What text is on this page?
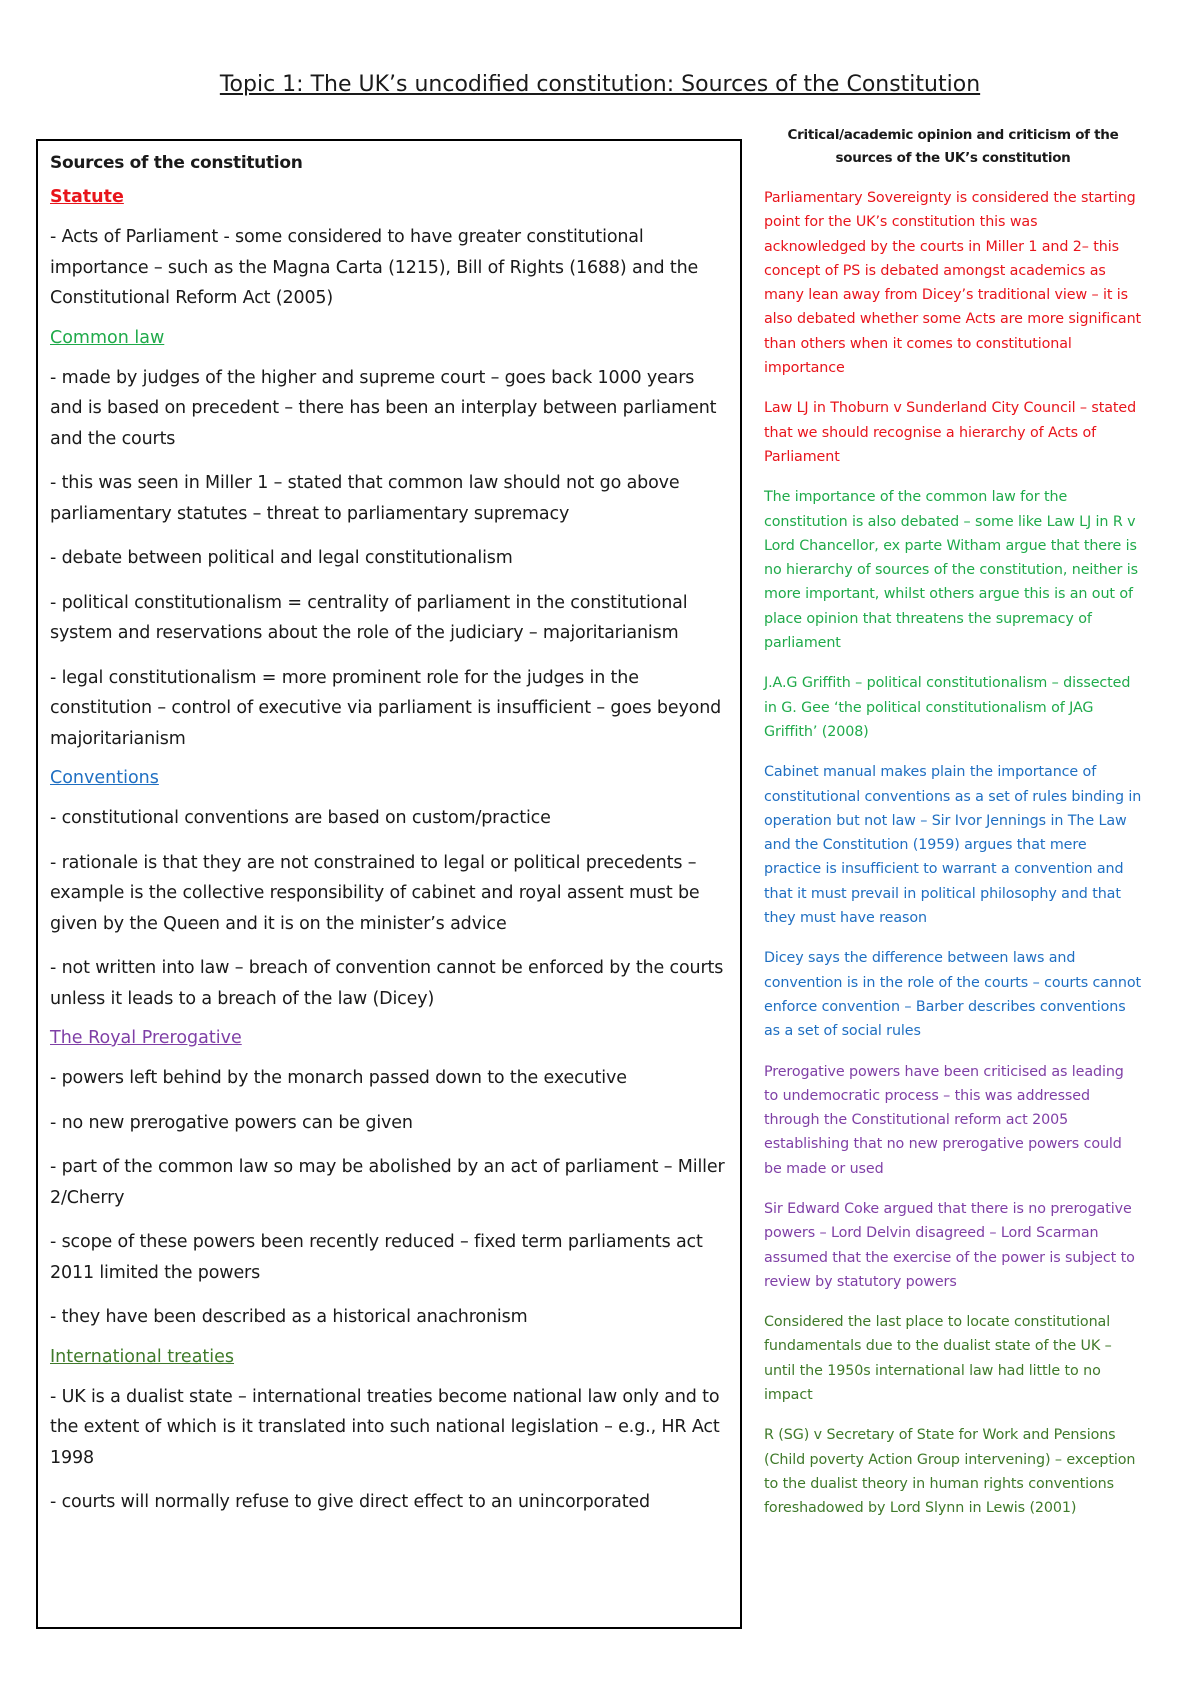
Topic 1: The UK’s uncodified constitution: Sources of the Constitution
Sources of the constitution
Statute

- Acts of Parliament - some considered to have greater constitutional importance – such as the Magna Carta (1215), Bill of Rights (1688) and the Constitutional Reform Act (2005)

Common law

- made by judges of the higher and supreme court – goes back 1000 years and is based on precedent – there has been an interplay between parliament and the courts

- this was seen in Miller 1 – stated that common law should not go above parliamentary statutes – threat to parliamentary supremacy

- debate between political and legal constitutionalism

- political constitutionalism = centrality of parliament in the constitutional system and reservations about the role of the judiciary – majoritarianism

- legal constitutionalism = more prominent role for the judges in the constitution – control of executive via parliament is insufficient – goes beyond majoritarianism

Conventions

- constitutional conventions are based on custom/practice

- rationale is that they are not constrained to legal or political precedents – example is the collective responsibility of cabinet and royal assent must be given by the Queen and it is on the minister’s advice

- not written into law – breach of convention cannot be enforced by the courts unless it leads to a breach of the law (Dicey)

The Royal Prerogative

- powers left behind by the monarch passed down to the executive

- no new prerogative powers can be given

- part of the common law so may be abolished by an act of parliament – Miller 2/Cherry

- scope of these powers been recently reduced – fixed term parliaments act 2011 limited the powers

- they have been described as a historical anachronism

International treaties

- UK is a dualist state – international treaties become national law only and to the extent of which is it translated into such national legislation – e.g., HR Act 1998

- courts will normally refuse to give direct effect to an unincorporated

Critical/academic opinion and criticism of the sources of the UK’s constitution

Parliamentary Sovereignty is considered the starting point for the UK’s constitution this was acknowledged by the courts in Miller 1 and 2– this concept of PS is debated amongst academics as many lean away from Dicey’s traditional view – it is also debated whether some Acts are more significant than others when it comes to constitutional importance

Law LJ in Thoburn v Sunderland City Council – stated that we should recognise a hierarchy of Acts of Parliament

The importance of the common law for the constitution is also debated – some like Law LJ in R v Lord Chancellor, ex parte Witham argue that there is no hierarchy of sources of the constitution, neither is more important, whilst others argue this is an out of place opinion that threatens the supremacy of parliament

J.A.G Griffith – political constitutionalism – dissected in G. Gee ‘the political constitutionalism of JAG Griffith’ (2008)

Cabinet manual makes plain the importance of constitutional conventions as a set of rules binding in operation but not law – Sir Ivor Jennings in The Law and the Constitution (1959) argues that mere practice is insufficient to warrant a convention and that it must prevail in political philosophy and that they must have reason

Dicey says the difference between laws and convention is in the role of the courts – courts cannot enforce convention – Barber describes conventions as a set of social rules

Prerogative powers have been criticised as leading to undemocratic process – this was addressed through the Constitutional reform act 2005 establishing that no new prerogative powers could be made or used

Sir Edward Coke argued that there is no prerogative powers – Lord Delvin disagreed – Lord Scarman assumed that the exercise of the power is subject to review by statutory powers

Considered the last place to locate constitutional fundamentals due to the dualist state of the UK – until the 1950s international law had little to no impact

R (SG) v Secretary of State for Work and Pensions (Child poverty Action Group intervening) – exception to the dualist theory in human rights conventions foreshadowed by Lord Slynn in Lewis (2001)
